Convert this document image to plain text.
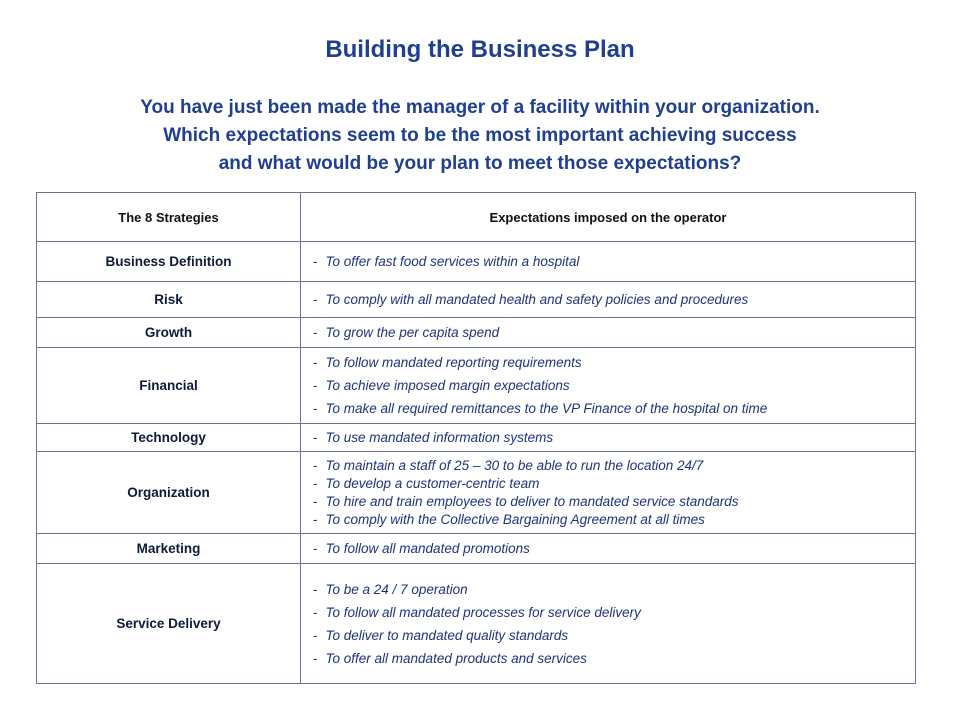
Building the Business Plan
You have just been made the manager of a facility within your organization.
Which expectations seem to be the most important achieving success
and what would be your plan to meet those expectations?
The 8 Strategies	Expectations imposed on the operator
Business Definition	- To offer fast food services within a hospital

Risk	- To comply with all mandated health and safety policies and procedures

Growth	- To grow the per capita spend

Financial	- To follow mandated reporting requirements
- To achieve imposed margin expectations
- To make all required remittances to the VP Finance of the hospital on time

Technology	- To use mandated information systems

Organization	- To maintain a staff of 25 – 30 to be able to run the location 24/7
- To develop a customer-centric team
- To hire and train employees to deliver to mandated service standards
- To comply with the Collective Bargaining Agreement at all times

Marketing	- To follow all mandated promotions

Service Delivery	- To be a 24 / 7 operation
- To follow all mandated processes for service delivery
- To deliver to mandated quality standards
- To offer all mandated products and services
